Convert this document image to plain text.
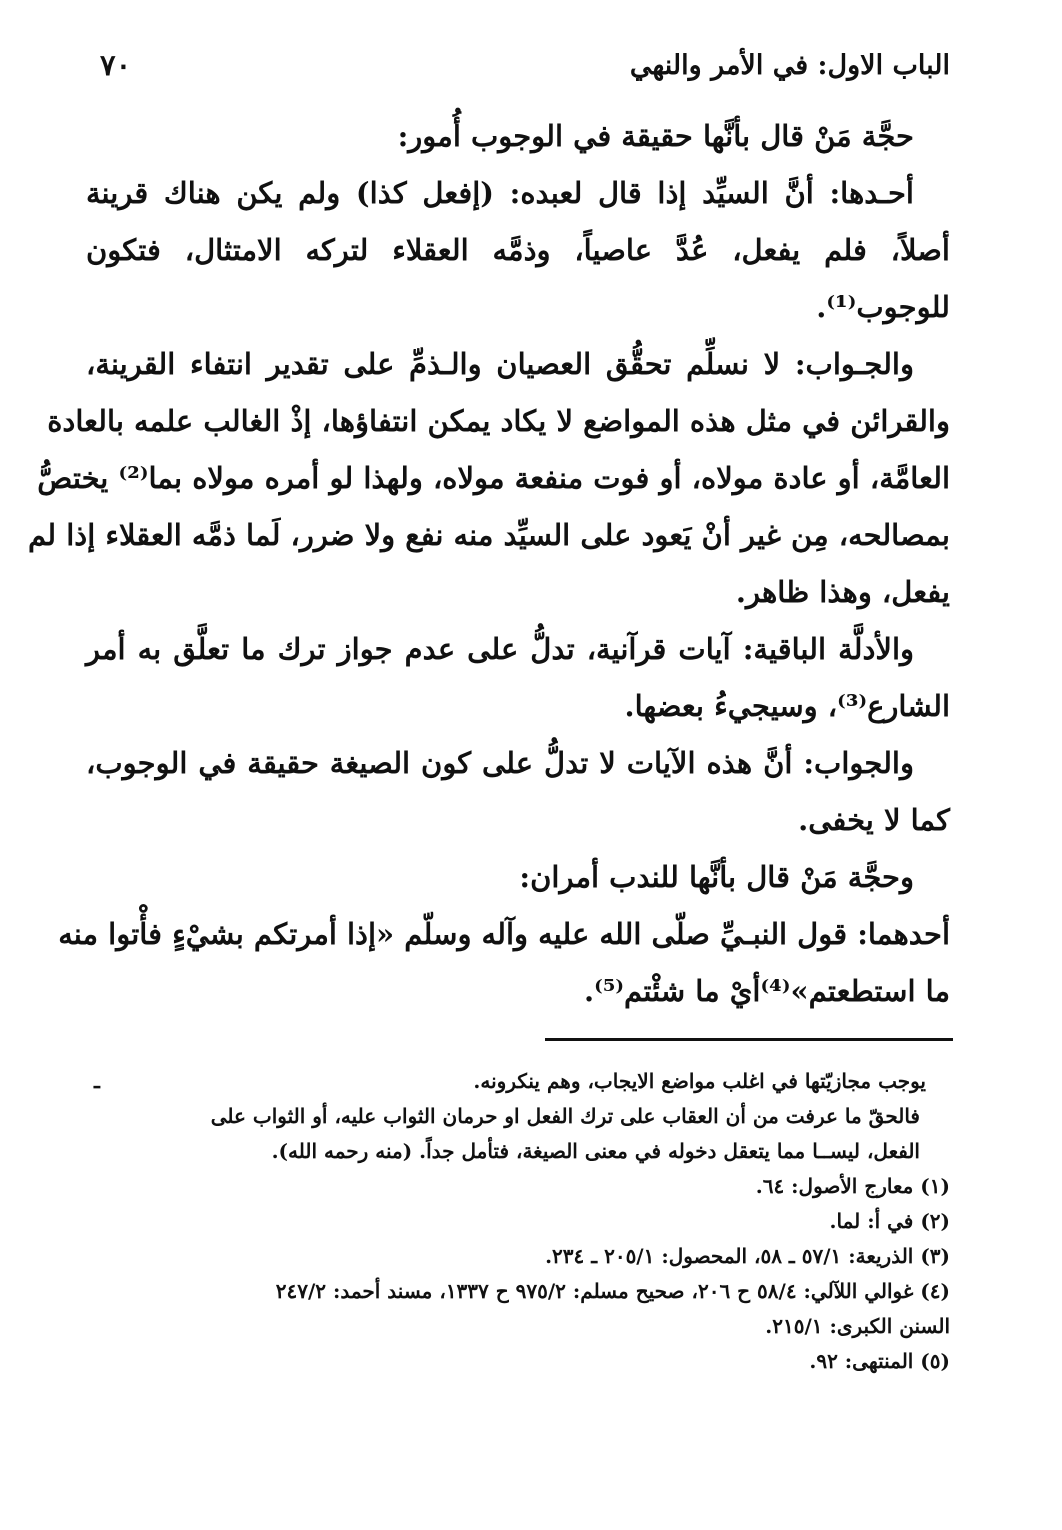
الباب الاول: في الأمر والنهي
٧٠
حجَّة مَنْ قال بأنَّها حقيقة في الوجوب أُمور:
أحـدها: أنَّ السيِّد إذا قال لعبده: (إفعل كذا) ولم يكن هناك قرينة
أصلاً، فلم يفعل، عُدَّ عاصياً، وذمَّه العقلاء لتركه الامتثال، فتكون
للوجوب⁽¹⁾.
والجـواب: لا نسلِّم تحقُّق العصيان والـذمِّ على تقدير انتفاء القرينة،
والقرائن في مثل هذه المواضع لا يكاد يمكن انتفاؤها، إذْ الغالب علمه بالعادة
العامَّة، أو عادة مولاه، أو فوت منفعة مولاه، ولهذا لو أمره مولاه بما⁽²⁾ يختصُّ
بمصالحه، مِن غير أنْ يَعود على السيِّد منه نفع ولا ضرر، لَما ذمَّه العقلاء إذا لم
يفعل، وهذا ظاهر.
والأدلَّة الباقية: آيات قرآنية، تدلُّ على عدم جواز ترك ما تعلَّق به أمر
الشارع⁽³⁾، وسيجيءُ بعضها.
والجواب: أنَّ هذه الآيات لا تدلُّ على كون الصيغة حقيقة في الوجوب،
كما لا يخفى.
وحجَّة مَنْ قال بأنَّها للندب أمران:
أحدهما: قول النبـيِّ صلّى الله عليه وآله وسلّم «إذا أمرتكم بشيْءٍ فأْتوا منه
ما استطعتم»⁽⁴⁾أيْ ما شئْتم⁽⁵⁾.
ـ	يوجب مجازيّتها في اغلب مواضع الايجاب، وهم ينكرونه.
فالحقّ ما عرفت من أن العقاب على ترك الفعل او حرمان الثواب عليه، أو الثواب على
الفعل، ليســا مما يتعقل دخوله في معنى الصيغة، فتأمل جداً. (منه رحمه الله).
(١) معارج الأصول: ٦٤.
(٢) في أ: لما.
(٣) الذريعة: ٥٧/١ ـ ٥٨، المحصول: ٢٠٥/١ ـ ٢٣٤.
(٤) غوالي اللآلي: ٥٨/٤ ح ٢٠٦، صحيح مسلم: ٩٧٥/٢ ح ١٣٣٧، مسند أحمد: ٢٤٧/٢
السنن الكبرى: ٢١٥/١.
(٥) المنتهى: ٩٢.
